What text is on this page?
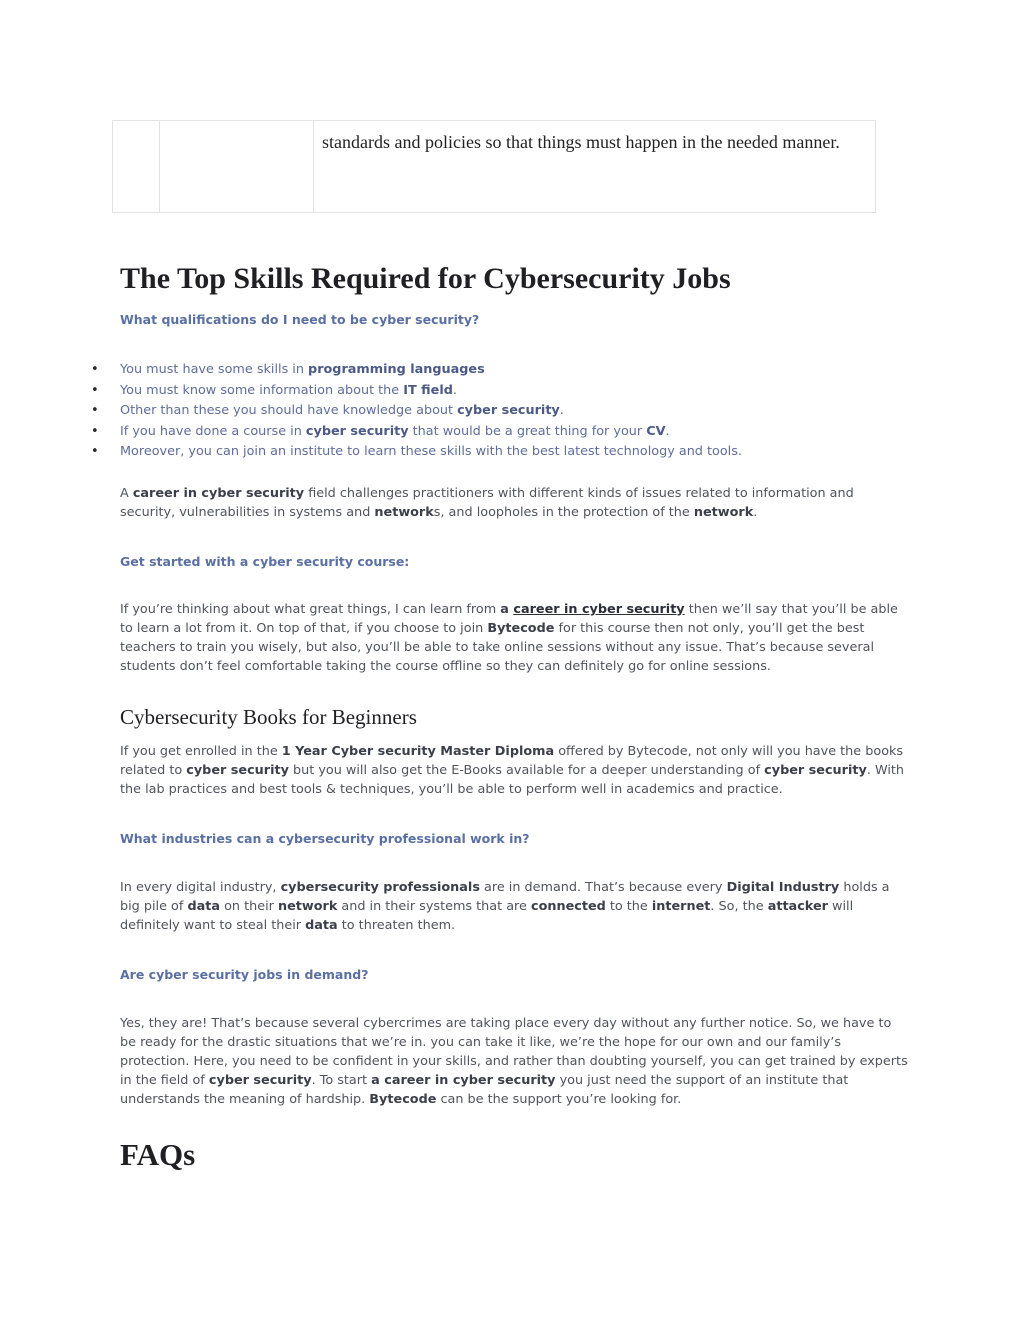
standards and policies so that things must happen in the needed manner.
The Top Skills Required for Cybersecurity Jobs

What qualifications do I need to be cyber security?

• You must have some skills in programming languages
• You must know some information about the IT field.
• Other than these you should have knowledge about cyber security.
• If you have done a course in cyber security that would be a great thing for your CV.
• Moreover, you can join an institute to learn these skills with the best latest technology and tools.

A career in cyber security field challenges practitioners with different kinds of issues related to information and security, vulnerabilities in systems and networks, and loopholes in the protection of the network.

Get started with a cyber security course:

If you’re thinking about what great things, I can learn from a career in cyber security then we’ll say that you’ll be able to learn a lot from it. On top of that, if you choose to join Bytecode for this course then not only, you’ll get the best teachers to train you wisely, but also, you’ll be able to take online sessions without any issue. That’s because several students don’t feel comfortable taking the course offline so they can definitely go for online sessions.

Cybersecurity Books for Beginners

If you get enrolled in the 1 Year Cyber security Master Diploma offered by Bytecode, not only will you have the books related to cyber security but you will also get the E-Books available for a deeper understanding of cyber security. With the lab practices and best tools & techniques, you’ll be able to perform well in academics and practice.

What industries can a cybersecurity professional work in?

In every digital industry, cybersecurity professionals are in demand. That’s because every Digital Industry holds a big pile of data on their network and in their systems that are connected to the internet. So, the attacker will definitely want to steal their data to threaten them.

Are cyber security jobs in demand?

Yes, they are! That’s because several cybercrimes are taking place every day without any further notice. So, we have to be ready for the drastic situations that we’re in. you can take it like, we’re the hope for our own and our family’s protection. Here, you need to be confident in your skills, and rather than doubting yourself, you can get trained by experts in the field of cyber security. To start a career in cyber security you just need the support of an institute that understands the meaning of hardship. Bytecode can be the support you’re looking for.

FAQs
